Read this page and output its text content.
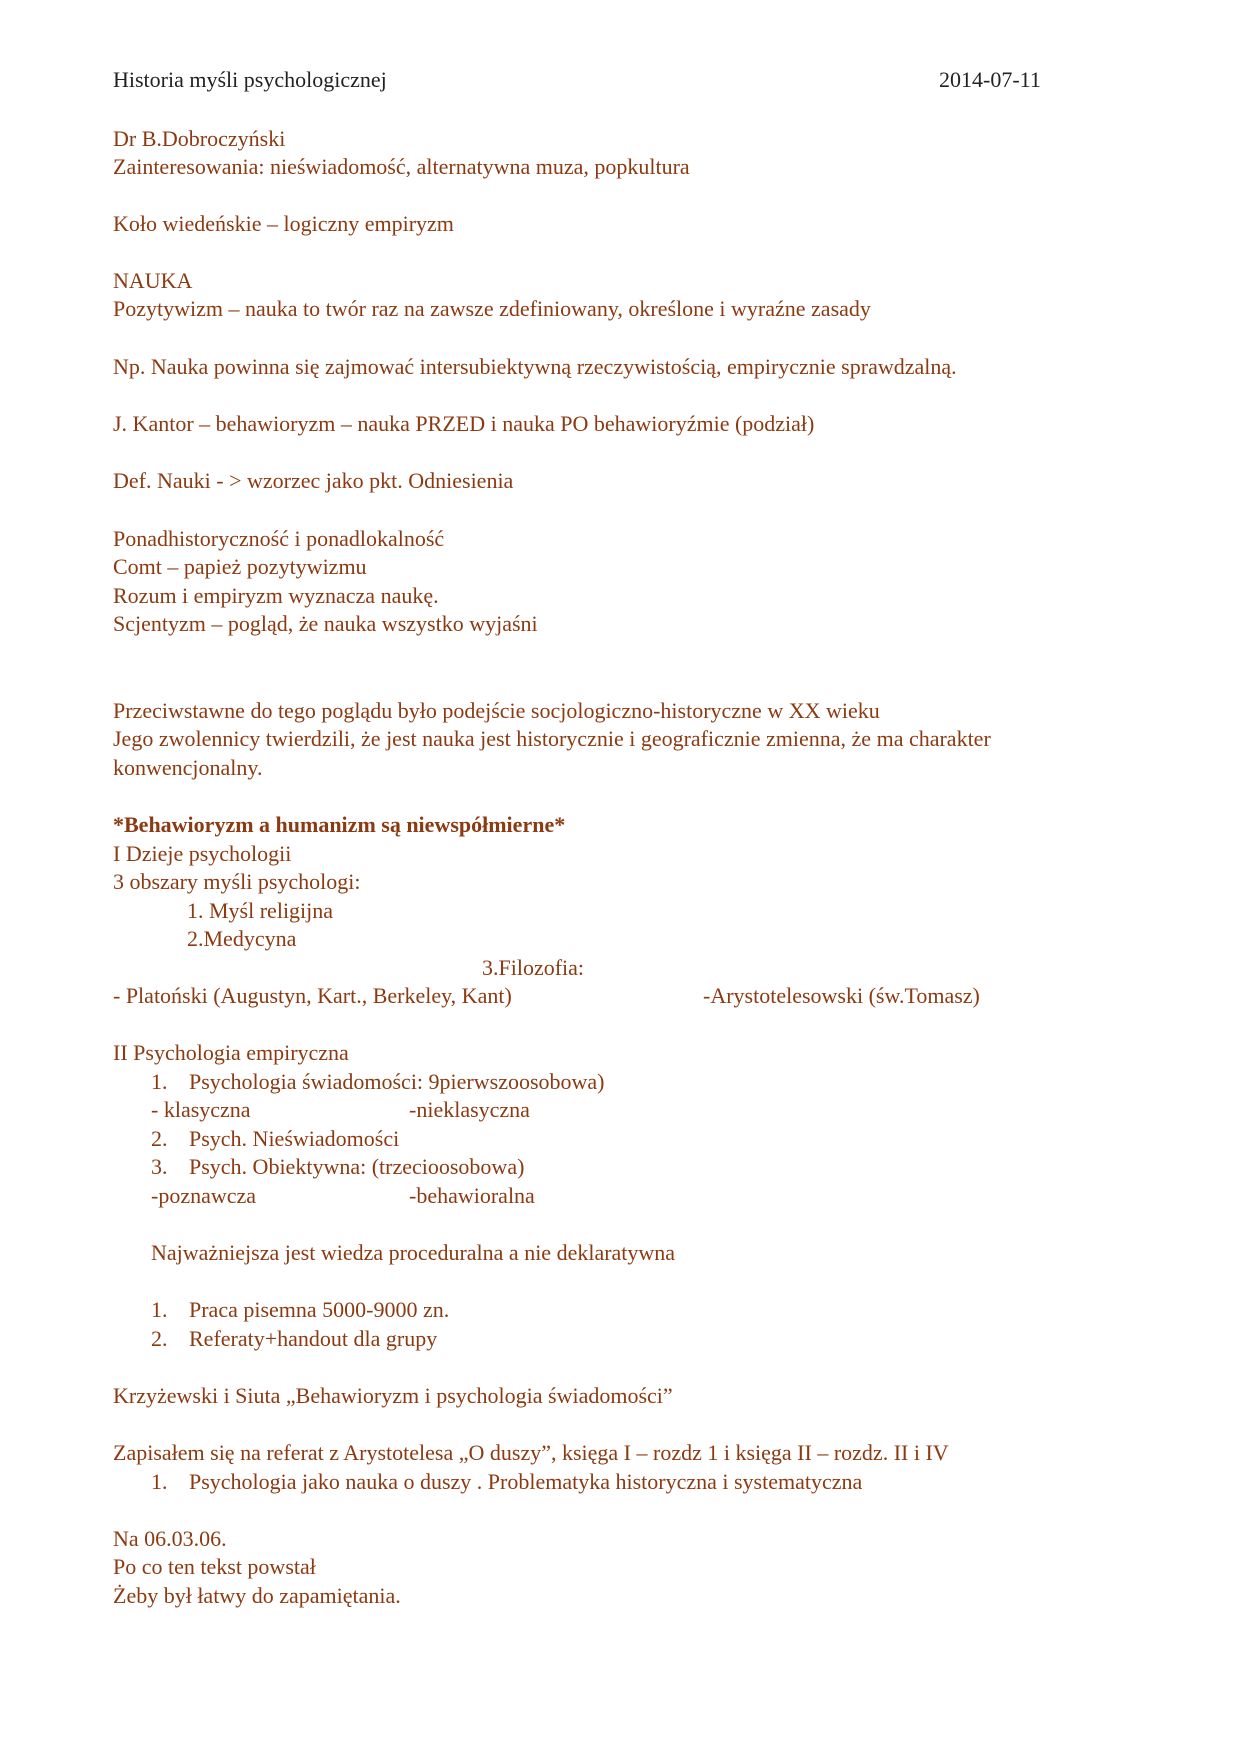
Historia myśli psychologicznej	2014-07-11
Dr B.Dobroczyński
Zainteresowania: nieświadomość, alternatywna muza, popkultura
Koło wiedeńskie – logiczny empiryzm
NAUKA
Pozytywizm – nauka to twór raz na zawsze zdefiniowany, określone i wyraźne zasady
Np. Nauka powinna się zajmować intersubiektywną rzeczywistością, empirycznie sprawdzalną.
J. Kantor – behawioryzm – nauka PRZED i nauka PO behawioryźmie (podział)
Def. Nauki - > wzorzec jako pkt. Odniesienia
Ponadhistoryczność i ponadlokalność
Comt – papież pozytywizmu
Rozum i empiryzm wyznacza naukę.
Scjentyzm – pogląd, że nauka wszystko wyjaśni
Przeciwstawne do tego poglądu było podejście socjologiczno-historyczne w XX wieku
Jego zwolennicy twierdzili, że jest nauka jest historycznie i geograficznie zmienna, że ma charakter
konwencjonalny.
*Behawioryzm a humanizm są niewspółmierne*
I Dzieje psychologii
3 obszary myśli psychologi:
1. Myśl religijna
2.Medycyna
3.Filozofia:
- Platoński (Augustyn, Kart., Berkeley, Kant)	-Arystotelesowski (św.Tomasz)
II Psychologia empiryczna
1. Psychologia świadomości: 9pierwszoosobowa)
- klasyczna	-nieklasyczna
2. Psych. Nieświadomości
3. Psych. Obiektywna: (trzecioosobowa)
-poznawcza	-behawioralna
Najważniejsza jest wiedza proceduralna a nie deklaratywna
1. Praca pisemna 5000-9000 zn.
2. Referaty+handout dla grupy
Krzyżewski i Siuta „Behawioryzm i psychologia świadomości”
Zapisałem się na referat z Arystotelesa „O duszy”, księga I – rozdz 1 i księga II – rozdz. II i IV
1. Psychologia jako nauka o duszy . Problematyka historyczna i systematyczna
Na 06.03.06.
Po co ten tekst powstał
Żeby był łatwy do zapamiętania.
